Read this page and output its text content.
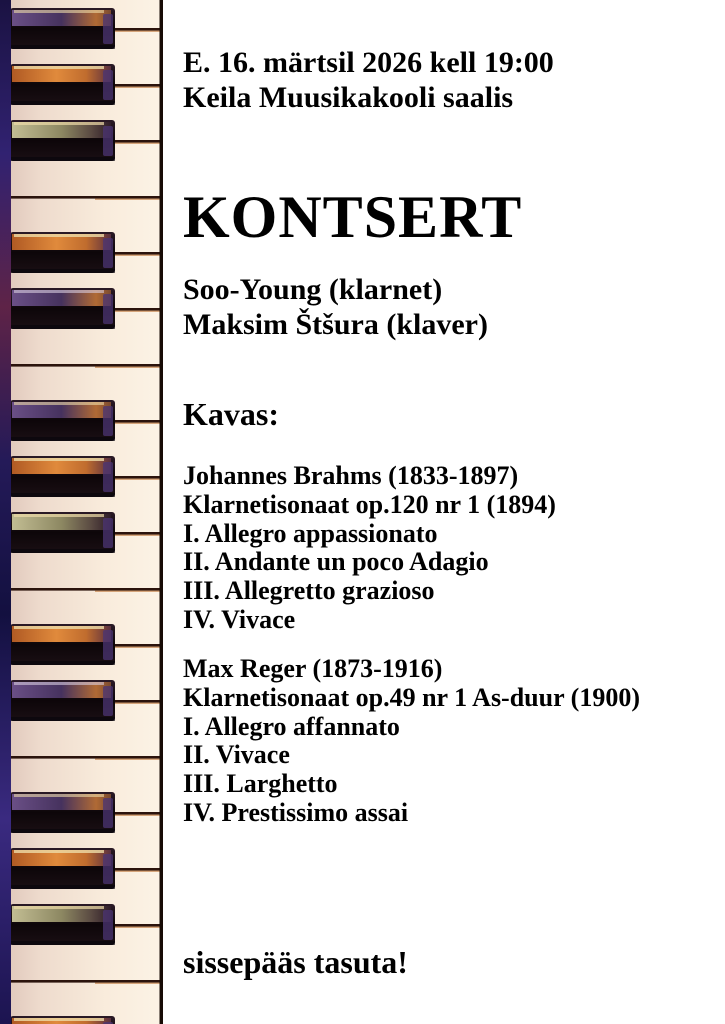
E. 16. märtsil 2026 kell 19:00
Keila Muusikakooli saalis
KONTSERT
Soo-Young (klarnet)
Maksim Štšura (klaver)
Kavas:
Johannes Brahms (1833-1897)
Klarnetisonaat op.120 nr 1 (1894)
I. Allegro appassionato
II. Andante un poco Adagio
III. Allegretto grazioso
IV. Vivace
Max Reger (1873-1916)
Klarnetisonaat op.49 nr 1 As-duur (1900)
I. Allegro affannato
II. Vivace
III. Larghetto
IV. Prestissimo assai
sissepääs tasuta!
